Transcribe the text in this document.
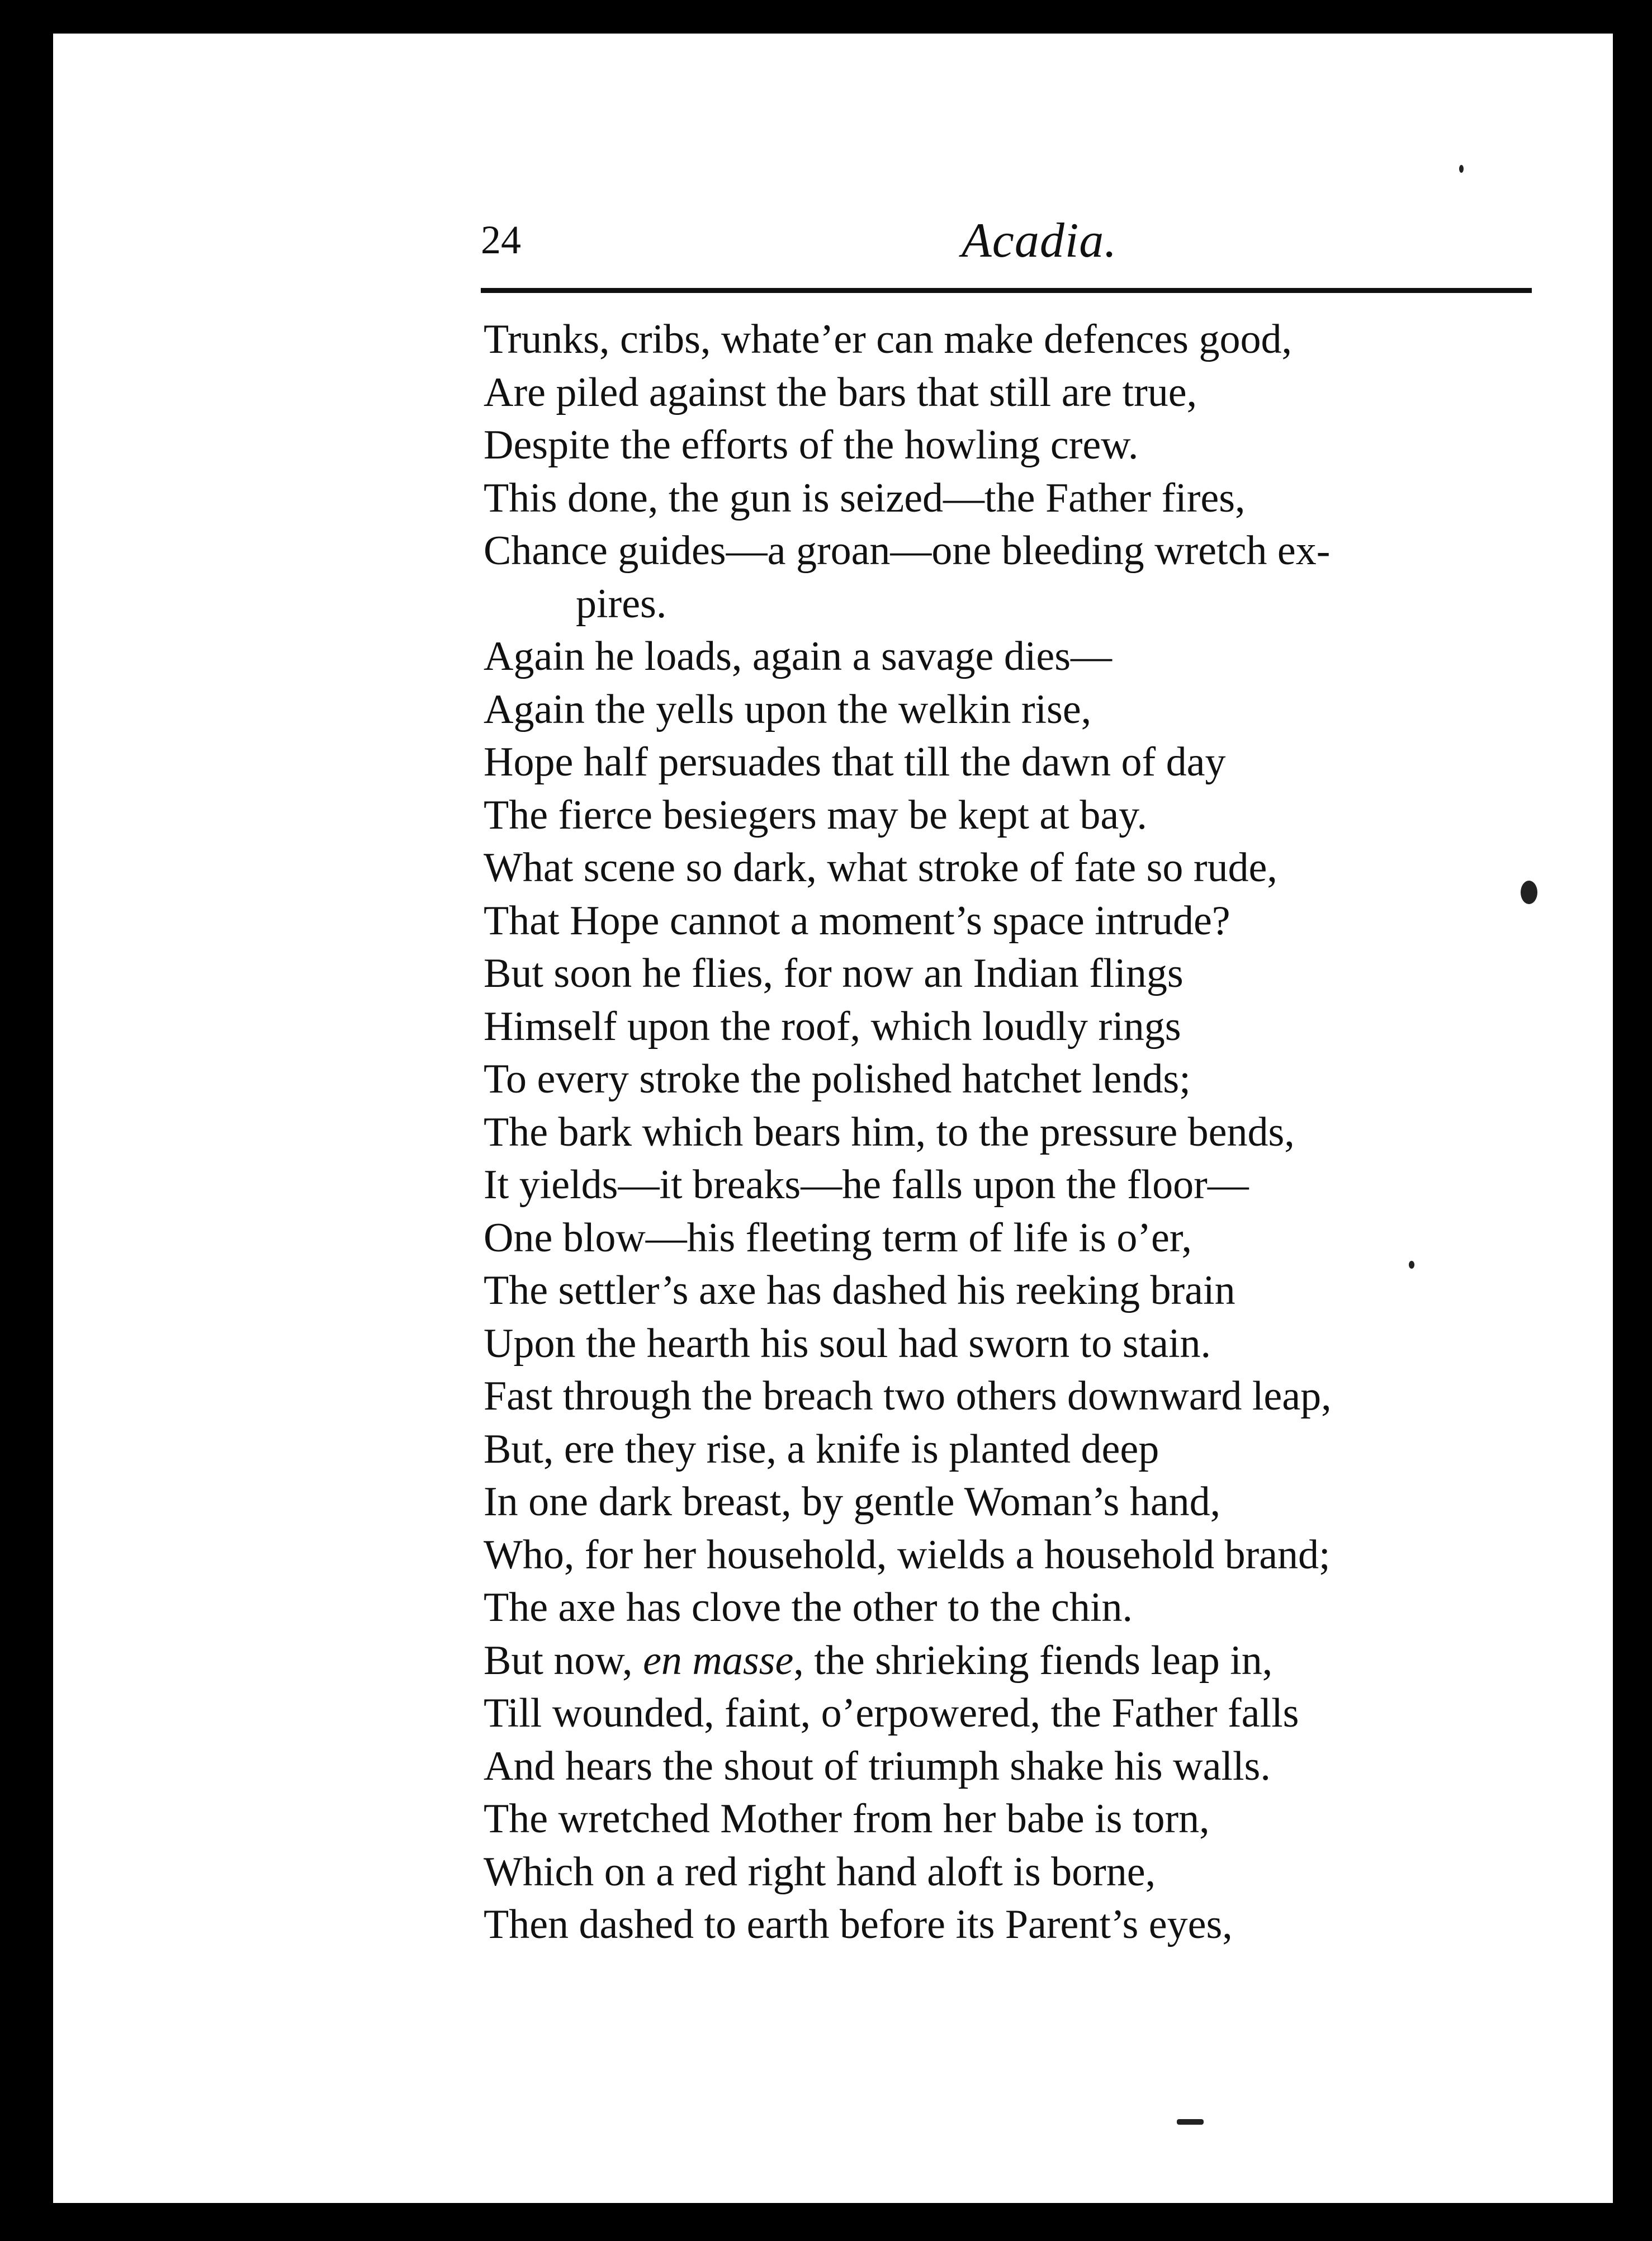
24	Acadia.
Trunks, cribs, whate’er can make defences good,
Are piled against the bars that still are true,
Despite the efforts of the howling crew.
This done, the gun is seized—the Father fires,
Chance guides—a groan—one bleeding wretch ex-
pires.
Again he loads, again a savage dies—
Again the yells upon the welkin rise,
Hope half persuades that till the dawn of day
The fierce besiegers may be kept at bay.
What scene so dark, what stroke of fate so rude,
That Hope cannot a moment’s space intrude?
But soon he flies, for now an Indian flings
Himself upon the roof, which loudly rings
To every stroke the polished hatchet lends;
The bark which bears him, to the pressure bends,
It yields—it breaks—he falls upon the floor—
One blow—his fleeting term of life is o’er,
The settler’s axe has dashed his reeking brain
Upon the hearth his soul had sworn to stain.
Fast through the breach two others downward leap,
But, ere they rise, a knife is planted deep
In one dark breast, by gentle Woman’s hand,
Who, for her household, wields a household brand;
The axe has clove the other to the chin.
But now, en masse, the shrieking fiends leap in,
Till wounded, faint, o’erpowered, the Father falls
And hears the shout of triumph shake his walls.
The wretched Mother from her babe is torn,
Which on a red right hand aloft is borne,
Then dashed to earth before its Parent’s eyes,
